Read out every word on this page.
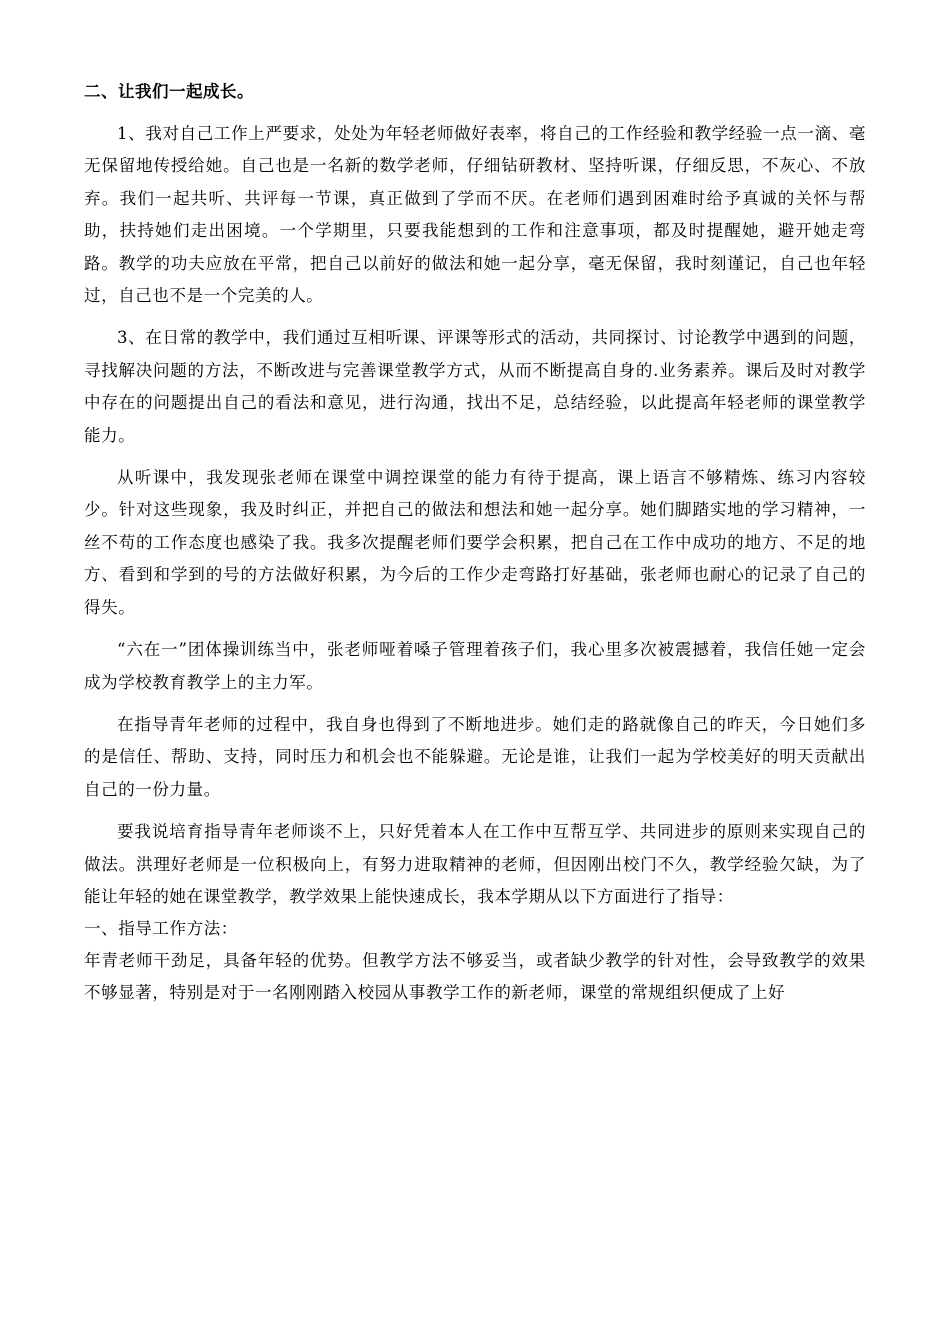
二、让我们一起成长。

1、我对自己工作上严要求，处处为年轻老师做好表率，将自己的工作经验和教学经验一点一滴、毫无保留地传授给她。自己也是一名新的数学老师，仔细钻研教材、坚持听课，仔细反思，不灰心、不放弃。我们一起共听、共评每一节课，真正做到了学而不厌。在老师们遇到困难时给予真诚的关怀与帮助，扶持她们走出困境。一个学期里，只要我能想到的工作和注意事项，都及时提醒她，避开她走弯路。教学的功夫应放在平常，把自己以前好的做法和她一起分享，毫无保留，我时刻谨记，自己也年轻过，自己也不是一个完美的人。

3、在日常的教学中，我们通过互相听课、评课等形式的活动，共同探讨、讨论教学中遇到的问题，寻找解决问题的方法，不断改进与完善课堂教学方式，从而不断提高自身的.业务素养。课后及时对教学中存在的问题提出自己的看法和意见，进行沟通，找出不足，总结经验，以此提高年轻老师的课堂教学能力。

从听课中，我发现张老师在课堂中调控课堂的能力有待于提高，课上语言不够精炼、练习内容较少。针对这些现象，我及时纠正，并把自己的做法和想法和她一起分享。她们脚踏实地的学习精神，一丝不苟的工作态度也感染了我。我多次提醒老师们要学会积累，把自己在工作中成功的地方、不足的地方、看到和学到的号的方法做好积累，为今后的工作少走弯路打好基础，张老师也耐心的记录了自己的得失。

“六在一”团体操训练当中，张老师哑着嗓子管理着孩子们，我心里多次被震撼着，我信任她一定会成为学校教育教学上的主力军。

在指导青年老师的过程中，我自身也得到了不断地进步。她们走的路就像自己的昨天，今日她们多的是信任、帮助、支持，同时压力和机会也不能躲避。无论是谁，让我们一起为学校美好的明天贡献出自己的一份力量。

要我说培育指导青年老师谈不上，只好凭着本人在工作中互帮互学、共同进步的原则来实现自己的做法。洪理好老师是一位积极向上，有努力进取精神的老师，但因刚出校门不久，教学经验欠缺，为了能让年轻的她在课堂教学，教学效果上能快速成长，我本学期从以下方面进行了指导：

一、指导工作方法：

年青老师干劲足，具备年轻的优势。但教学方法不够妥当，或者缺少教学的针对性，会导致教学的效果不够显著，特别是对于一名刚刚踏入校园从事教学工作的新老师，课堂的常规组织便成了上好
